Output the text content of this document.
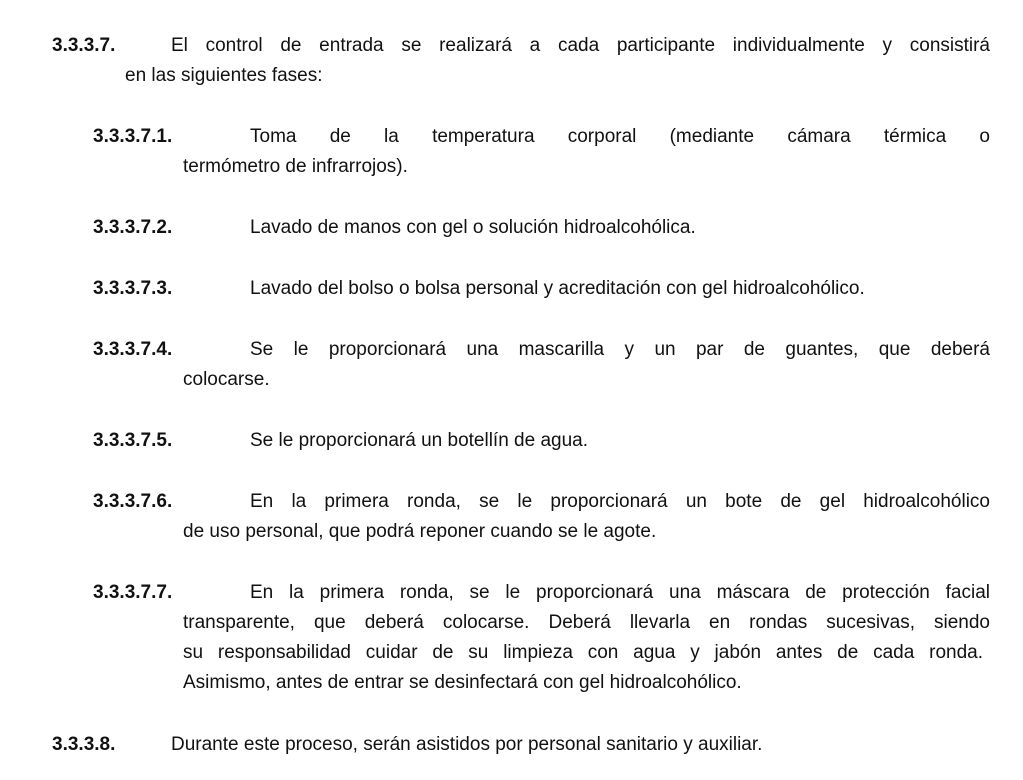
3.3.3.7.	El control de entrada se realizará a cada participante individualmente y consistirá
en las siguientes fases:
3.3.3.7.1.	Toma de la temperatura corporal (mediante cámara térmica o
termómetro de infrarrojos).
3.3.3.7.2.	Lavado de manos con gel o solución hidroalcohólica.
3.3.3.7.3.	Lavado del bolso o bolsa personal y acreditación con gel hidroalcohólico.
3.3.3.7.4.	Se le proporcionará una mascarilla y un par de guantes, que deberá
colocarse.
3.3.3.7.5.	Se le proporcionará un botellín de agua.
3.3.3.7.6.	En la primera ronda, se le proporcionará un bote de gel hidroalcohólico
de uso personal, que podrá reponer cuando se le agote.
3.3.3.7.7.	En la primera ronda, se le proporcionará una máscara de protección facial
transparente, que deberá colocarse. Deberá llevarla en rondas sucesivas, siendo
su responsabilidad cuidar de su limpieza con agua y jabón antes de cada ronda.
Asimismo, antes de entrar se desinfectará con gel hidroalcohólico.
3.3.3.8.	Durante este proceso, serán asistidos por personal sanitario y auxiliar.
